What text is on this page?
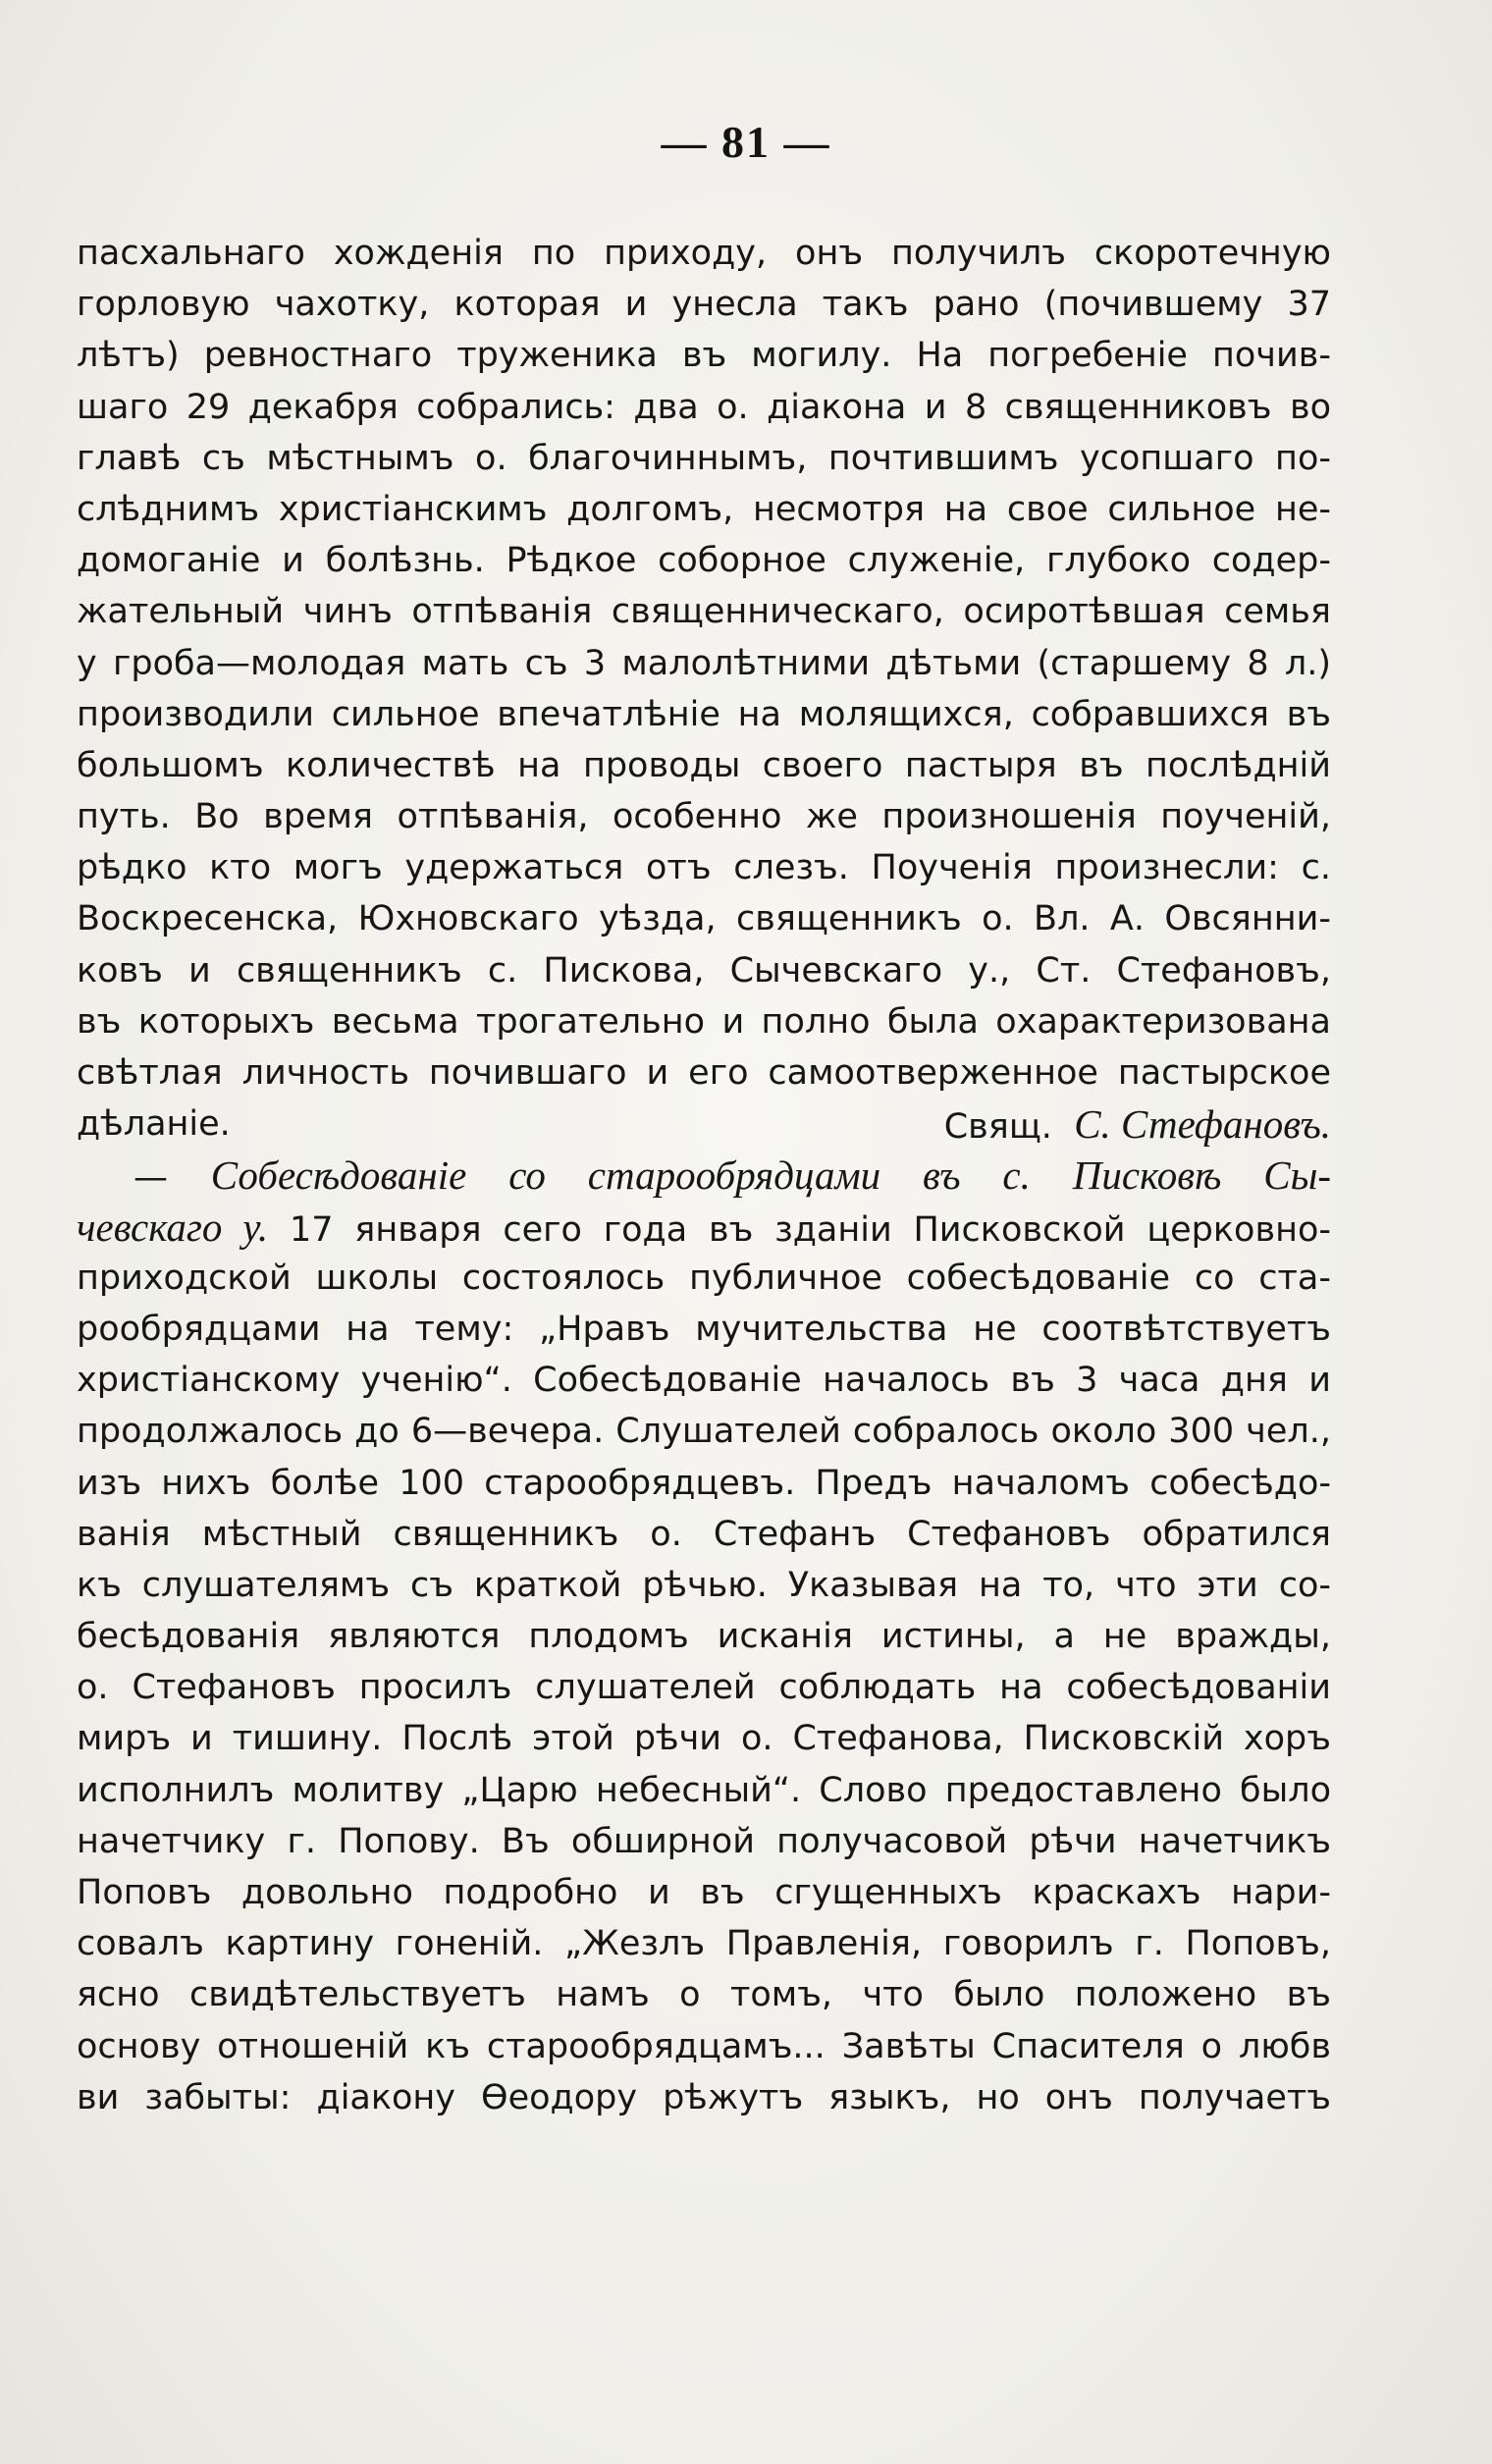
— 81 —
пасхальнаго хожденія по приходу, онъ получилъ скоротечную
горловую чахотку, которая и унесла такъ рано (почившему 37
лѣтъ) ревностнаго труженика въ могилу. На погребеніе почив-
шаго 29 декабря собрались: два о. діакона и 8 священниковъ во
главѣ съ мѣстнымъ о. благочиннымъ, почтившимъ усопшаго по-
слѣднимъ христіанскимъ долгомъ, несмотря на свое сильное не-
домоганіе и болѣзнь. Рѣдкое соборное служеніе, глубоко содер-
жательный чинъ отпѣванія священническаго, осиротѣвшая семья
у гроба—молодая мать съ 3 малолѣтними дѣтьми (старшему 8 л.)
производили сильное впечатлѣніе на молящихся, собравшихся въ
большомъ количествѣ на проводы своего пастыря въ послѣдній
путь. Во время отпѣванія, особенно же произношенія поученій,
рѣдко кто могъ удержаться отъ слезъ. Поученія произнесли: с.
Воскресенска, Юхновскаго уѣзда, священникъ о. Вл. А. Овсянни-
ковъ и священникъ с. Пискова, Сычевскаго у., Ст. Стефановъ,
въ которыхъ весьма трогательно и полно была охарактеризована
свѣтлая личность почившаго и его самоотверженное пастырское
дѣланіе.	Свящ. С. Стефановъ.
— Собесѣдованіе со старообрядцами въ с. Писковѣ Сы-
чевскаго у. 17 января сего года въ зданіи Писковской церковно-
приходской школы состоялось публичное собесѣдованіе со ста-
рообрядцами на тему: „Нравъ мучительства не соотвѣтствуетъ
христіанскому ученію“. Собесѣдованіе началось въ 3 часа дня и
продолжалось до 6—вечера. Слушателей собралось около 300 чел.,
изъ нихъ болѣе 100 старообрядцевъ. Предъ началомъ собесѣдо-
ванія мѣстный священникъ о. Стефанъ Стефановъ обратился
къ слушателямъ съ краткой рѣчью. Указывая на то, что эти со-
бесѣдованія являются плодомъ исканія истины, а не вражды,
о. Стефановъ просилъ слушателей соблюдать на собесѣдованіи
миръ и тишину. Послѣ этой рѣчи о. Стефанова, Писковскій хоръ
исполнилъ молитву „Царю небесный“. Слово предоставлено было
начетчику г. Попову. Въ обширной получасовой рѣчи начетчикъ
Поповъ довольно подробно и въ сгущенныхъ краскахъ нари-
совалъ картину гоненій. „Жезлъ Правленія, говорилъ г. Поповъ,
ясно свидѣтельствуетъ намъ о томъ, что было положено въ
основу отношеній къ старообрядцамъ... Завѣты Спасителя о любв
ви забыты: діакону Ѳеодору рѣжутъ языкъ, но онъ получаетъ
